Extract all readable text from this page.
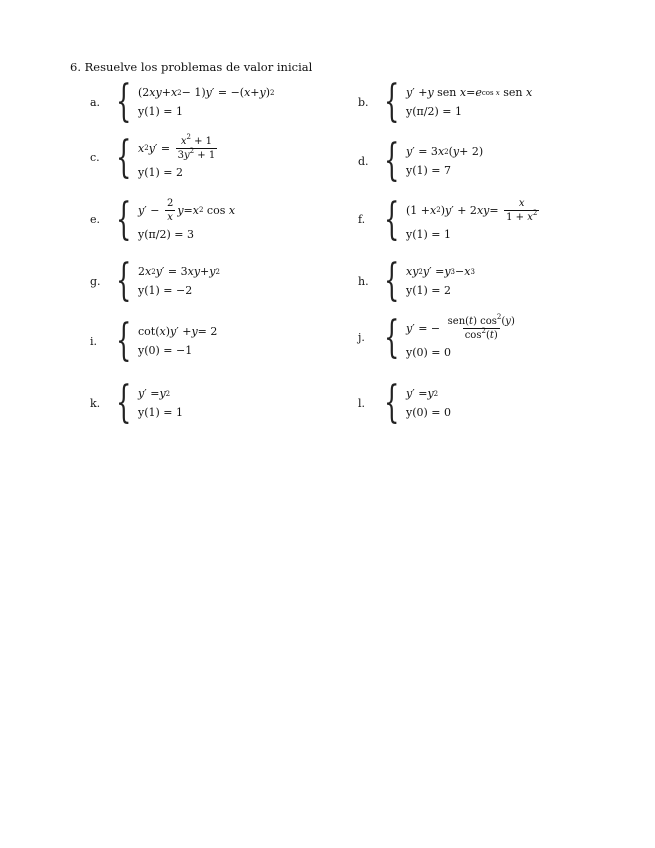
6. Resuelve los problemas de valor inicial
a. { (2 xy + x 2 − 1) y ′ = −( x + y ) 2
y(1) = 1
b. { y ′ + y sen x = e cos x sen x
y(π/2) = 1
c. { x 2 y ′ = $\frac{x^2 + 1}{3y^2 + 1}$
y(1) = 2
d. { y ′ = 3 x 2 ( y + 2)
y(1) = 7
e. { y ′ − $\frac{2}{x}$ y = x 2 cos x
y(π/2) = 3
f. { (1 + x 2 ) y ′ + 2 xy = $\frac{x}{1 + x^2}$
y(1) = 1
g. { 2 x 2 y ′ = 3 xy + y 2
y(1) = −2
h. { xy 2 y ′ = y 3 − x 3
y(1) = 2
i. { cot( x ) y ′ + y = 2
y(0) = −1
j. { y ′ = − $\frac{sen(t) \cos^2(y)}{\cos^2(t)}$
y(0) = 0
k. { y ′ = y 2
y(1) = 1
l. { y ′ = y 2
y(0) = 0
